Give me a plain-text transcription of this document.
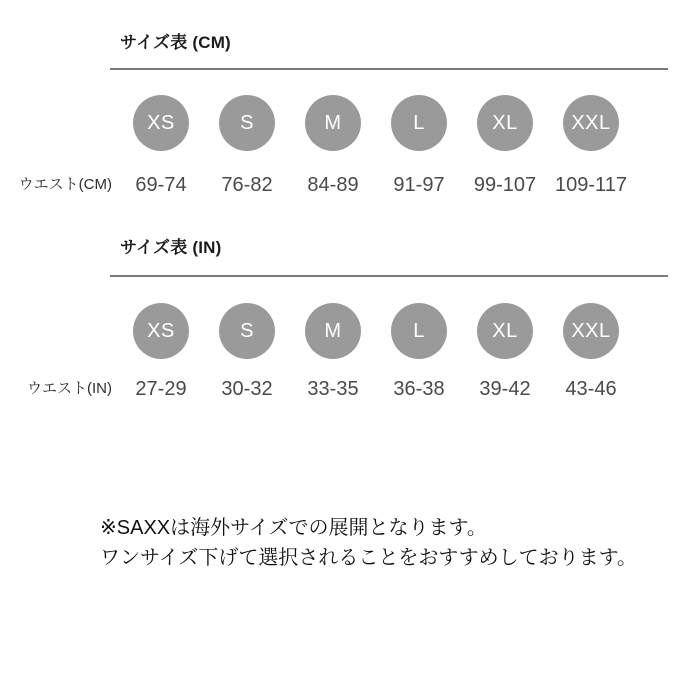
サイズ表 (CM)
XS	S	M	L	XL	XXL
ウエスト(CM)	69-74	76-82	84-89	91-97	99-107 109-117
サイズ表 (IN)
XS	S	M	L	XL	XXL
ウエスト(IN)	27-29	30-32	33-35	36-38	39-42	43-46
※SAXXは海外サイズでの展開となります。
ワンサイズ下げて選択されることをおすすめしております。
